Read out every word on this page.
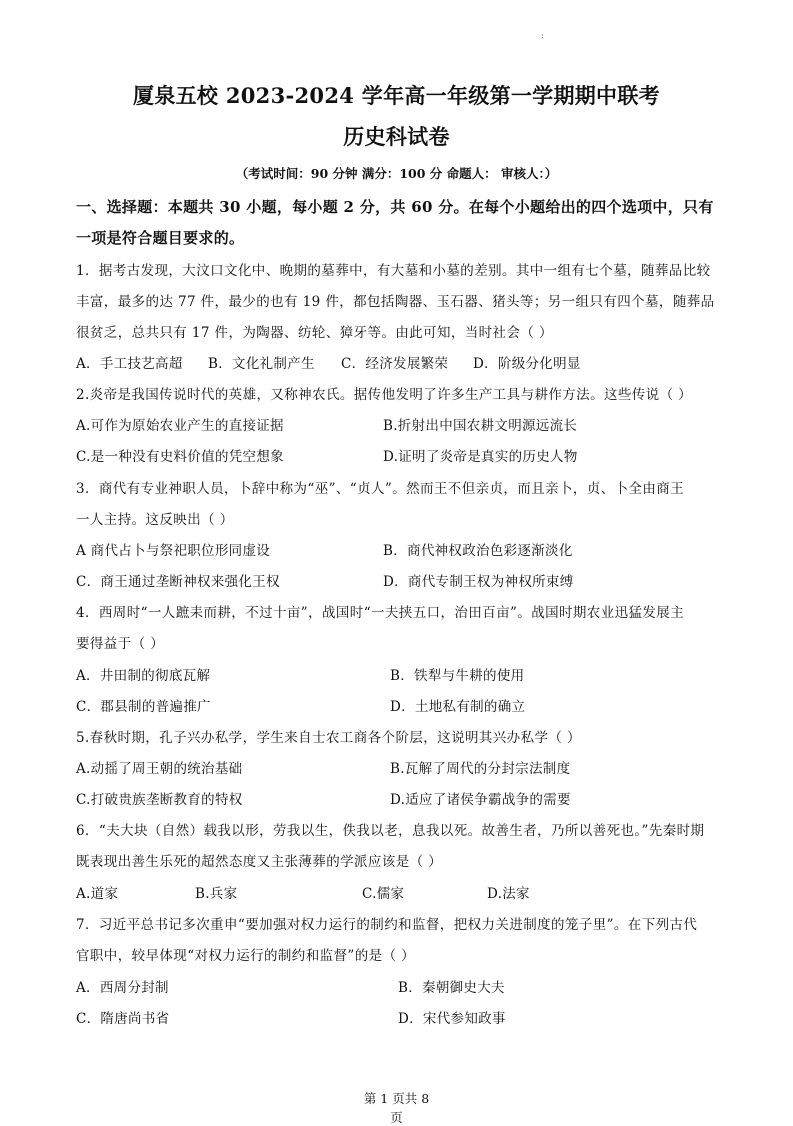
:
厦泉五校 2023-2024 学年高一年级第一学期期中联考
历史科试卷
（考试时间：90 分钟 满分：100 分 命题人： 审核人：）
一、选择题：本题共 30 小题，每小题 2 分，共 60 分。在每个小题给出的四个选项中，只有
一项是符合题目要求的。
1．据考古发现，大汶口文化中、晚期的墓葬中，有大墓和小墓的差别。其中一组有七个墓，随葬品比较
丰富，最多的达 77 件，最少的也有 19 件，都包括陶器、玉石器、猪头等；另一组只有四个墓，随葬品
很贫乏，总共只有 17 件，为陶器、纺轮、獐牙等。由此可知，当时社会（ ）
A．手工技艺高超 B．文化礼制产生 C．经济发展繁荣 D．阶级分化明显
2.炎帝是我国传说时代的英雄，又称神农氏。据传他发明了许多生产工具与耕作方法。这些传说（ ）
A.可作为原始农业产生的直接证据	B.折射出中国农耕文明源远流长
C.是一种没有史料价值的凭空想象	D.证明了炎帝是真实的历史人物
3．商代有专业神职人员，卜辞中称为“巫”、“贞人”。然而王不但亲贞，而且亲卜，贞、卜全由商王
一人主持。这反映出（ ）
A 商代占卜与祭祀职位形同虚设	B．商代神权政治色彩逐渐淡化
C．商王通过垄断神权来强化王权	D．商代专制王权为神权所束缚
4．西周时“一人蹠耒而耕，不过十亩”，战国时“一夫挟五口，治田百亩”。战国时期农业迅猛发展主
要得益于（ ）
A．井田制的彻底瓦解	B．铁犁与牛耕的使用
C．郡县制的普遍推广	D．土地私有制的确立
5.春秋时期，孔子兴办私学，学生来自士农工商各个阶层，这说明其兴办私学（ ）
A.动摇了周王朝的统治基础	B.瓦解了周代的分封宗法制度
C.打破贵族垄断教育的特权	D.适应了诸侯争霸战争的需要
6．“夫大块（自然）载我以形，劳我以生，佚我以老，息我以死。故善生者，乃所以善死也。”先秦时期
既表现出善生乐死的超然态度又主张薄葬的学派应该是（ ）
A.道家	B.兵家	C.儒家	D.法家
7．习近平总书记多次重申“要加强对权力运行的制约和监督，把权力关进制度的笼子里”。在下列古代
官职中，较早体现“对权力运行的制约和监督”的是（ ）
A．西周分封制	B．秦朝御史大夫
C．隋唐尚书省	D．宋代参知政事
第 1 页共 8
页
